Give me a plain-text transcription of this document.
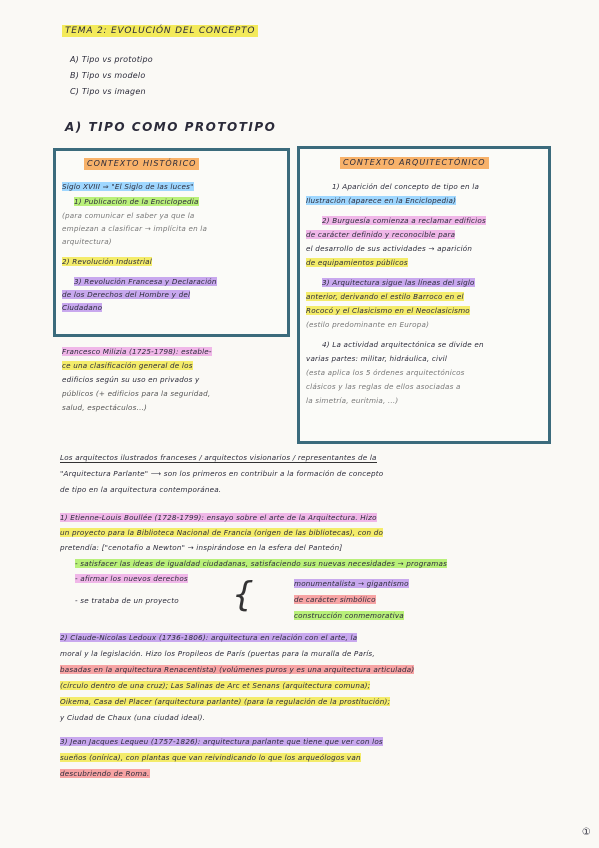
TEMA 2: EVOLUCIÓN DEL CONCEPTO
A) Tipo vs prototipo
B) Tipo vs modelo
C) Tipo vs imagen
A) TIPO COMO PROTOTIPO
CONTEXTO HISTÓRICO
Siglo XVIII ⇒ "El Siglo de las luces"
1) Publicación de la Enciclopedia
(para comunicar el saber ya que la
empiezan a clasificar → implícita en la
arquitectura)
2) Revolución Industrial
3) Revolución Francesa y Declaración
de los Derechos del Hombre y del
Ciudadano
CONTEXTO ARQUITECTÓNICO
1) Aparición del concepto de tipo en la
Ilustración (aparece en la Enciclopedia)
2) Burguesía comienza a reclamar edificios
de carácter definido y reconocible para
el desarrollo de sus actividades → aparición
de equipamientos públicos
3) Arquitectura sigue las líneas del siglo
anterior, derivando el estilo Barroco en el
Rococó y el Clasicismo en el Neoclasicismo
(estilo predominante en Europa)
4) La actividad arquitectónica se divide en
varias partes: militar, hidráulica, civil
(esta aplica los 5 órdenes arquitectónicos
clásicos y las reglas de ellos asociadas a
la simetría, euritmia, ...)
Francesco Milizia (1725-1798): estable-
ce una clasificación general de los
edificios según su uso en privados y
públicos (+ edificios para la seguridad,
salud, espectáculos...)
Los arquitectos ilustrados franceses / arquitectos visionarios / representantes de la
"Arquitectura Parlante" ⟶ son los primeros en contribuir a la formación de concepto
de tipo en la arquitectura contemporánea.
1) Etienne-Louis Boullée (1728-1799): ensayo sobre el arte de la Arquitectura. Hizo
un proyecto para la Biblioteca Nacional de Francia (origen de las bibliotecas), con do
pretendía: ["cenotafio a Newton" → inspirándose en la esfera del Panteón]
- satisfacer las ideas de igualdad ciudadanas, satisfaciendo sus nuevas necesidades → programas
- afirmar los nuevos derechos
- se trataba de un proyecto {	monumentalista → gigantismo
de carácter simbólico
construcción conmemorativa
2) Claude-Nicolas Ledoux (1736-1806): arquitectura en relación con el arte, la
moral y la legislación. Hizo los Propileos de París (puertas para la muralla de París,
basadas en la arquitectura Renacentista) (volúmenes puros y es una arquitectura articulada)
(círculo dentro de una cruz); Las Salinas de Arc et Senans (arquitectura comuna);
Oikema, Casa del Placer (arquitectura parlante) (para la regulación de la prostitución);
y Ciudad de Chaux (una ciudad ideal).
3) Jean Jacques Lequeu (1757-1826): arquitectura parlante que tiene que ver con los
sueños (onírica), con plantas que van reivindicando lo que los arqueólogos van
descubriendo de Roma.
①
